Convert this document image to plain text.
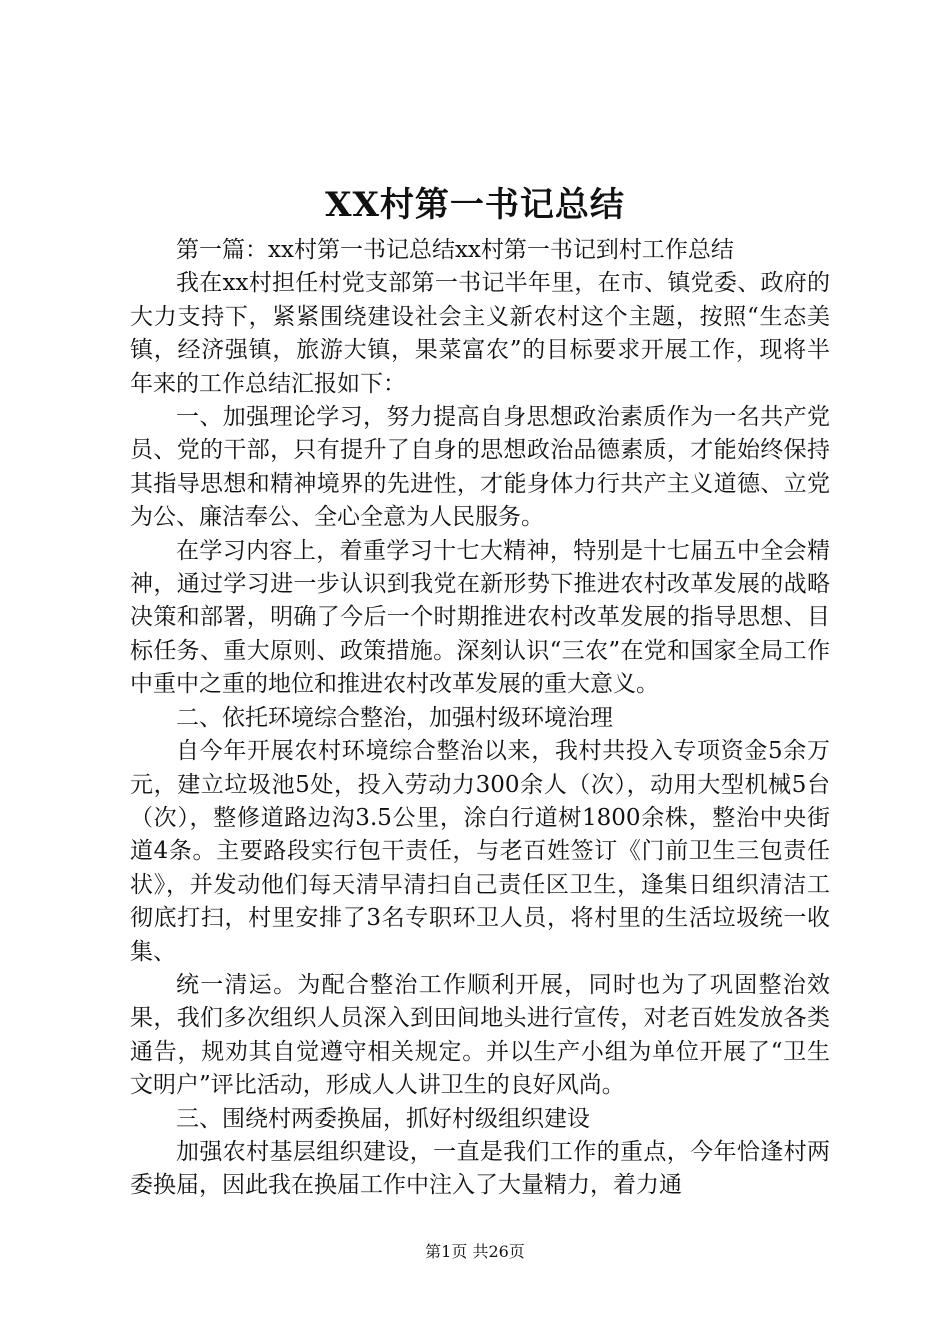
XX村第一书记总结

第一篇：xx村第一书记总结xx村第一书记到村工作总结

我在xx村担任村党支部第一书记半年里，在市、镇党委、政府的大力支持下，紧紧围绕建设社会主义新农村这个主题，按照“生态美镇，经济强镇，旅游大镇，果菜富农”的目标要求开展工作，现将半年来的工作总结汇报如下：

一、加强理论学习，努力提高自身思想政治素质作为一名共产党员、党的干部，只有提升了自身的思想政治品德素质，才能始终保持其指导思想和精神境界的先进性，才能身体力行共产主义道德、立党为公、廉洁奉公、全心全意为人民服务。

在学习内容上，着重学习十七大精神，特别是十七届五中全会精神，通过学习进一步认识到我党在新形势下推进农村改革发展的战略决策和部署，明确了今后一个时期推进农村改革发展的指导思想、目标任务、重大原则、政策措施。深刻认识“三农”在党和国家全局工作中重中之重的地位和推进农村改革发展的重大意义。

二、依托环境综合整治，加强村级环境治理

自今年开展农村环境综合整治以来，我村共投入专项资金5余万元，建立垃圾池5处，投入劳动力300余人（次），动用大型机械5台（次），整修道路边沟3.5公里，涂白行道树1800余株，整治中央街道4条。主要路段实行包干责任，与老百姓签订《门前卫生三包责任状》，并发动他们每天清早清扫自己责任区卫生，逢集日组织清洁工彻底打扫，村里安排了3名专职环卫人员，将村里的生活垃圾统一收集、

统一清运。为配合整治工作顺利开展，同时也为了巩固整治效果，我们多次组织人员深入到田间地头进行宣传，对老百姓发放各类通告，规劝其自觉遵守相关规定。并以生产小组为单位开展了“卫生文明户”评比活动，形成人人讲卫生的良好风尚。

三、围绕村两委换届，抓好村级组织建设

加强农村基层组织建设，一直是我们工作的重点，今年恰逢村两委换届，因此我在换届工作中注入了大量精力，着力通

第1页 共26页
